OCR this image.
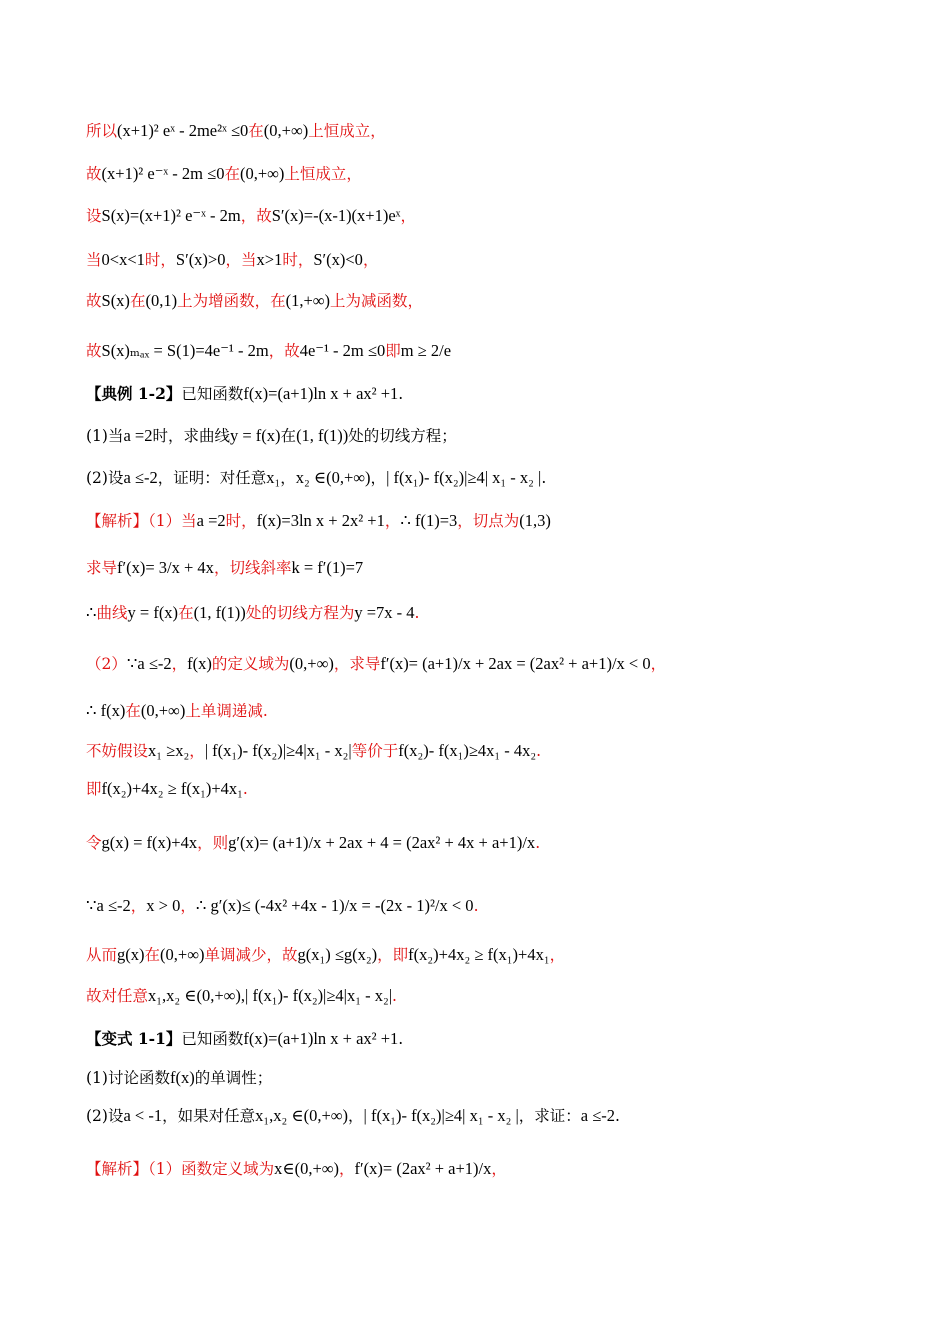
所以(x+1)² eˣ - 2me²ˣ ≤0在(0,+∞)上恒成立，
故(x+1)² e⁻ˣ - 2m ≤0在(0,+∞)上恒成立，
设S(x)=(x+1)² e⁻ˣ - 2m，故S′(x)=-(x-1)(x+1)eˣ，
当0<x<1时，S′(x)>0，当x>1时，S′(x)<0，
故S(x)在(0,1)上为增函数，在(1,+∞)上为减函数，
故S(x)ₘₐₓ = S(1)=4e⁻¹ - 2m，故4e⁻¹ - 2m ≤0即m ≥ 2/e
【典例 1-2】已知函数f(x)=(a+1)ln x + ax² +1.
(1)当a =2时，求曲线y = f(x)在(1, f(1))处的切线方程；
(2)设a ≤-2，证明：对任意x₁，x₂ ∈(0,+∞)，| f(x₁)- f(x₂)|≥4| x₁ - x₂ |.
【解析】（1）当a =2时，f(x)=3ln x + 2x² +1，∴ f(1)=3，切点为(1,3)
求导f′(x)= 3/x + 4x，切线斜率k = f′(1)=7
∴曲线y = f(x)在(1, f(1))处的切线方程为y =7x - 4.
（2）∵a ≤-2，f(x)的定义域为(0,+∞)，求导f′(x)= (a+1)/x + 2ax = (2ax² + a+1)/x < 0，
∴ f(x)在(0,+∞)上单调递减.
不妨假设x₁ ≥x₂，| f(x₁)- f(x₂)|≥4|x₁ - x₂|等价于f(x₂)- f(x₁)≥4x₁ - 4x₂.
即f(x₂)+4x₂ ≥ f(x₁)+4x₁.
令g(x) = f(x)+4x，则g′(x)= (a+1)/x + 2ax + 4 = (2ax² + 4x + a+1)/x.
∵a ≤-2，x > 0，∴ g′(x)≤ (-4x² +4x - 1)/x = -(2x - 1)²/x < 0.
从而g(x)在(0,+∞)单调减少，故g(x₁) ≤g(x₂)，即f(x₂)+4x₂ ≥ f(x₁)+4x₁，
故对任意x₁,x₂ ∈(0,+∞),| f(x₁)- f(x₂)|≥4|x₁ - x₂|.
【变式 1-1】已知函数f(x)=(a+1)ln x + ax² +1.
(1)讨论函数f(x)的单调性；
(2)设a < -1，如果对任意x₁,x₂ ∈(0,+∞)，| f(x₁)- f(x₂)|≥4| x₁ - x₂ |，求证：a ≤-2.
【解析】（1）函数定义域为x∈(0,+∞)，f′(x)= (2ax² + a+1)/x，
